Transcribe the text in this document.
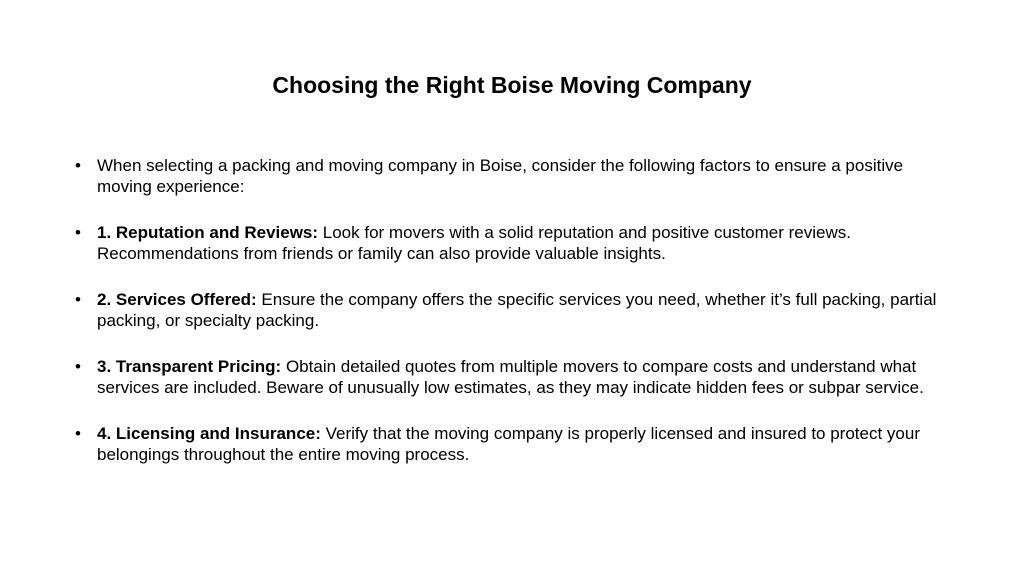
Choosing the Right Boise Moving Company
• When selecting a packing and moving company in Boise, consider the following factors to ensure a positive moving experience:
• 1. Reputation and Reviews: Look for movers with a solid reputation and positive customer reviews. Recommendations from friends or family can also provide valuable insights.
• 2. Services Offered: Ensure the company offers the specific services you need, whether it’s full packing, partial packing, or specialty packing.
• 3. Transparent Pricing: Obtain detailed quotes from multiple movers to compare costs and understand what services are included. Beware of unusually low estimates, as they may indicate hidden fees or subpar service.
• 4. Licensing and Insurance: Verify that the moving company is properly licensed and insured to protect your belongings throughout the entire moving process.
